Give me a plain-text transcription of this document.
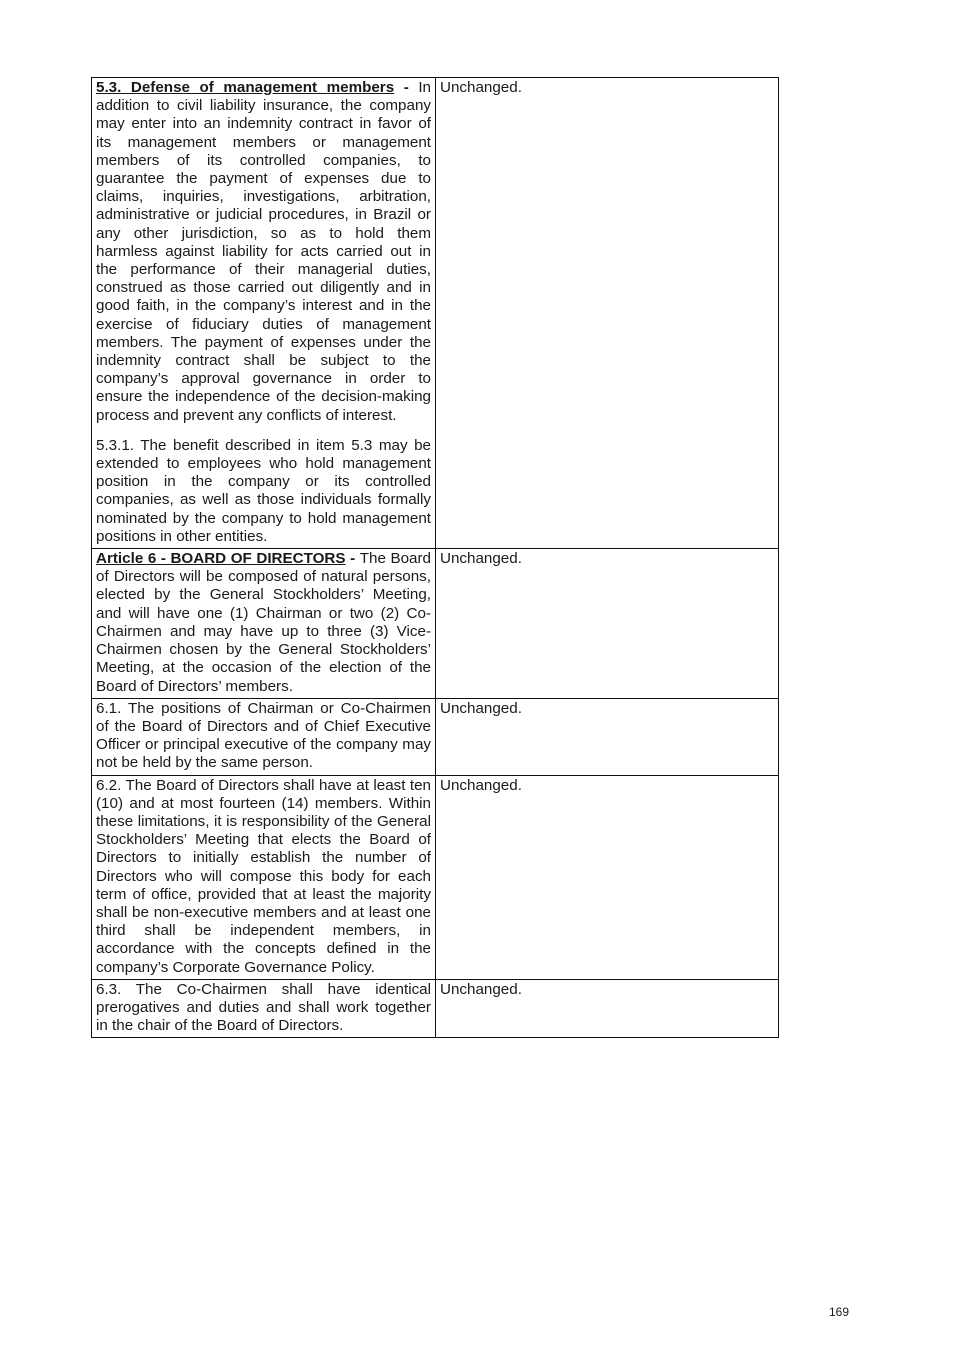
5.3. Defense of management members - In addition to civil liability insurance, the company may enter into an indemnity contract in favor of its management members or management members of its controlled companies, to guarantee the payment of expenses due to claims, inquiries, investigations, arbitration, administrative or judicial procedures, in Brazil or any other jurisdiction, so as to hold them harmless against liability for acts carried out in the performance of their managerial duties, construed as those carried out diligently and in good faith, in the company’s interest and in the exercise of fiduciary duties of management members. The payment of expenses under the indemnity contract shall be subject to the company’s approval governance in order to ensure the independence of the decision-making process and prevent any conflicts of interest.

5.3.1. The benefit described in item 5.3 may be extended to employees who hold management position in the company or its controlled companies, as well as those individuals formally nominated by the company to hold management positions in other entities.	Unchanged.

Article 6 - BOARD OF DIRECTORS - The Board of Directors will be composed of natural persons, elected by the General Stockholders’ Meeting, and will have one (1) Chairman or two (2) Co-Chairmen and may have up to three (3) Vice-Chairmen chosen by the General Stockholders’ Meeting, at the occasion of the election of the Board of Directors’ members.	Unchanged.

6.1. The positions of Chairman or Co-Chairmen of the Board of Directors and of Chief Executive Officer or principal executive of the company may not be held by the same person.	Unchanged.

6.2. The Board of Directors shall have at least ten (10) and at most fourteen (14) members. Within these limitations, it is responsibility of the General Stockholders’ Meeting that elects the Board of Directors to initially establish the number of Directors who will compose this body for each term of office, provided that at least the majority shall be non-executive members and at least one third shall be independent members, in accordance with the concepts defined in the company’s Corporate Governance Policy.	Unchanged.

6.3. The Co-Chairmen shall have identical prerogatives and duties and shall work together in the chair of the Board of Directors.	Unchanged.
169
